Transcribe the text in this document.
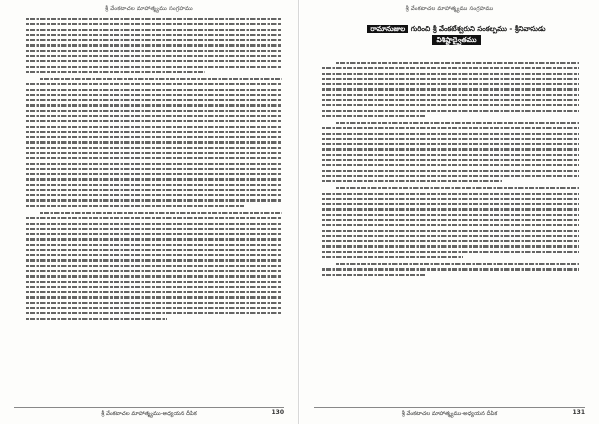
శ్రీ వేంకటాచల మాహాత్మ్యము సంగ్రహము
శ్రీ వేంకటాచల మాహాత్మ్యము-అధ్యయన దీపిక	130
శ్రీ వేంకటాచల మాహాత్మ్యము సంగ్రహము
రామానుజుల గురించి శ్రీ వేంకటేశ్వరుని సంకల్పము - శ్రీనివాసుడు
విశిష్టాద్వైతము
శ్రీ వేంకటాచల మాహాత్మ్యము-అధ్యయన దీపిక	131
